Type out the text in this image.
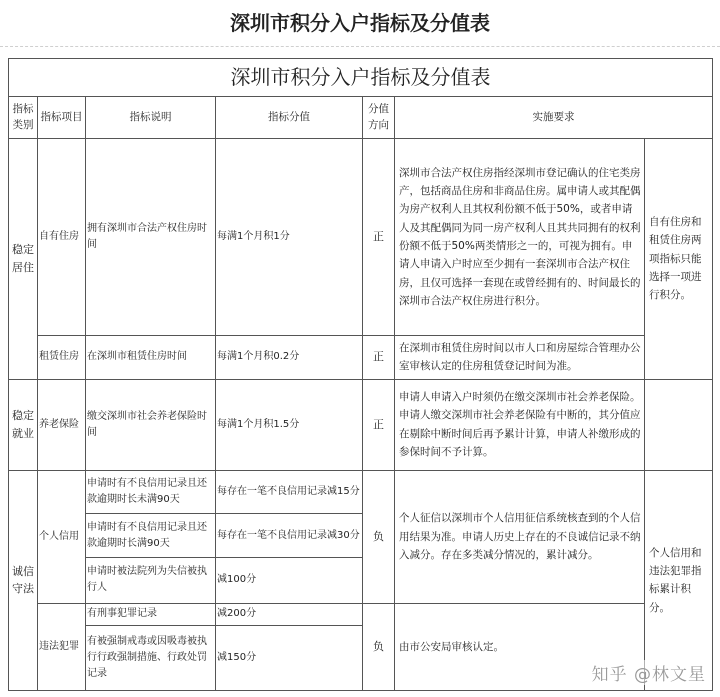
深圳市积分入户指标及分值表
深圳市积分入户指标及分值表						
指标类别	指标项目	指标说明	指标分值	分值方向	实施要求	
稳定居住	自有住房	拥有深圳市合法产权住房时间	每满1个月积1分	正	深圳市合法产权住房指经深圳市登记确认的住宅类房产，包括商品住房和非商品住房。属申请人或其配偶为房产权利人且其权利份额不低于50%，或者申请人及其配偶同为同一房产权利人且其共同拥有的权利份额不低于50%两类情形之一的，可视为拥有。申请人申请入户时应至少拥有一套深圳市合法产权住房，且仅可选择一套现在或曾经拥有的、时间最长的深圳市合法产权住房进行积分。	自有住房和租赁住房两项指标只能选择一项进行积分。
	租赁住房	在深圳市租赁住房时间	每满1个月积0.2分	正	在深圳市租赁住房时间以市人口和房屋综合管理办公室审核认定的住房租赁登记时间为准。	
稳定就业	养老保险	缴交深圳市社会养老保险时间	每满1个月积1.5分	正	申请人申请入户时须仍在缴交深圳市社会养老保险。申请人缴交深圳市社会养老保险有中断的，其分值应在剔除中断时间后再予累计计算，申请人补缴形成的参保时间不予计算。	
诚信守法	个人信用	申请时有不良信用记录且还款逾期时长未满90天	每存在一笔不良信用记录减15分	负	个人征信以深圳市个人信用征信系统核查到的个人信用结果为准。申请人历史上存在的不良诚信记录不纳入减分。存在多类减分情况的，累计减分。	个人信用和违法犯罪指标累计积分。
		申请时有不良信用记录且还款逾期时长满90天	每存在一笔不良信用记录减30分			
		申请时被法院列为失信被执行人	减100分			
	违法犯罪	有刑事犯罪记录	减200分	负	由市公安局审核认定。	
		有被强制戒毒或因吸毒被执行行政强制措施、行政处罚记录	减150分			
知乎 @林文星
